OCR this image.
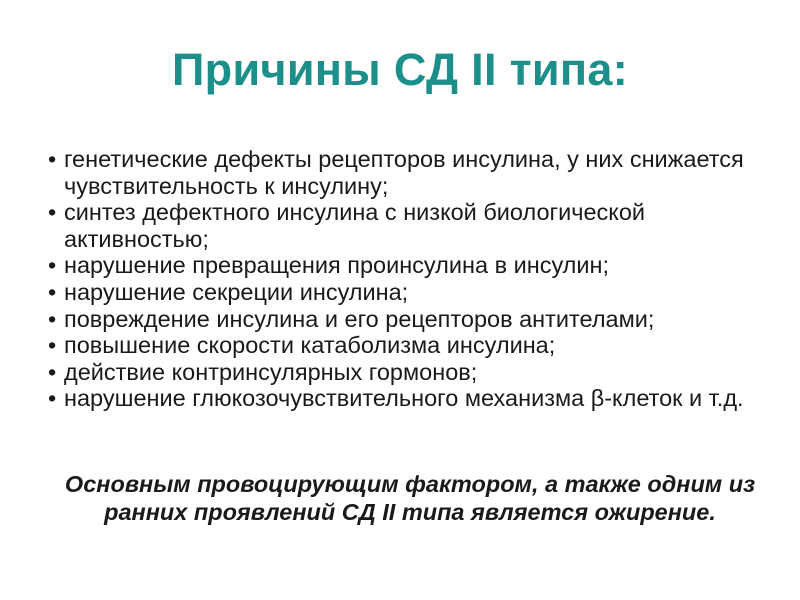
Причины СД II типа:
• генетические дефекты рецепторов инсулина, у них снижается чувствительность к инсулину;
• синтез дефектного инсулина с низкой биологической активностью;
• нарушение превращения проинсулина в инсулин;
• нарушение секреции инсулина;
• повреждение инсулина и его рецепторов антителами;
• повышение скорости катаболизма инсулина;
• действие контринсулярных гормонов;
• нарушение глюкозочувствительного механизма β-клеток и т.д.

Основным провоцирующим фактором, а также одним из ранних проявлений СД II типа является ожирение.
